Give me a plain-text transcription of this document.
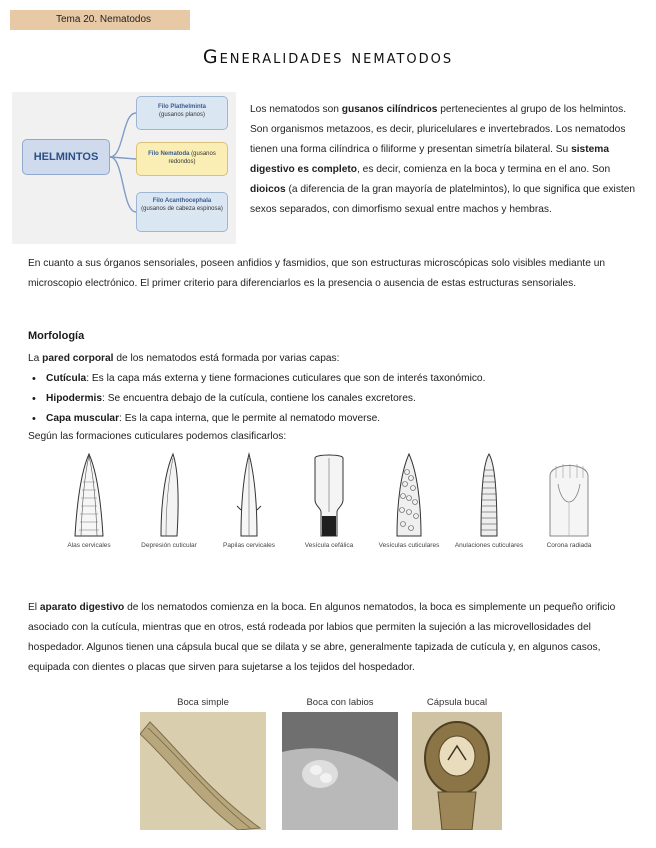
Tema 20. Nematodos
Generalidades nematodos
HELMINTOS
Filo Plathelminta
(gusanos planos)
Filo Nematoda (gusanos redondos)
Filo Acanthocephala
(gusanos de cabeza espinosa)
Los nematodos son gusanos cilíndricos pertenecientes al grupo de los helmintos. Son organismos metazoos, es decir, pluricelulares e invertebrados. Los nematodos tienen una forma cilíndrica o filiforme y presentan simetría bilateral. Su sistema digestivo es completo, es decir, comienza en la boca y termina en el ano. Son dioicos (a diferencia de la gran mayoría de platelmintos), lo que significa que existen sexos separados, con dimorfismo sexual entre machos y hembras.
En cuanto a sus órganos sensoriales, poseen anfidios y fasmidios, que son estructuras microscópicas solo visibles mediante un microscopio electrónico. El primer criterio para diferenciarlos es la presencia o ausencia de estas estructuras sensoriales.
Morfología
La pared corporal de los nematodos está formada por varias capas:
• Cutícula: Es la capa más externa y tiene formaciones cuticulares que son de interés taxonómico.
• Hipodermis: Se encuentra debajo de la cutícula, contiene los canales excretores.
• Capa muscular: Es la capa interna, que le permite al nematodo moverse.
Según las formaciones cuticulares podemos clasificarlos:
Alas cervicales	Depresión cuticular	Papilas cervicales	Vesícula cefálica	Vesículas cuticulares	Anulaciones cuticulares	Corona radiada
El aparato digestivo de los nematodos comienza en la boca. En algunos nematodos, la boca es simplemente un pequeño orificio asociado con la cutícula, mientras que en otros, está rodeada por labios que permiten la sujeción a las microvellosidades del hospedador. Algunos tienen una cápsula bucal que se dilata y se abre, generalmente tapizada de cutícula y, en algunos casos, equipada con dientes o placas que sirven para sujetarse a los tejidos del hospedador.
Boca simple	Boca con labios	Cápsula bucal
